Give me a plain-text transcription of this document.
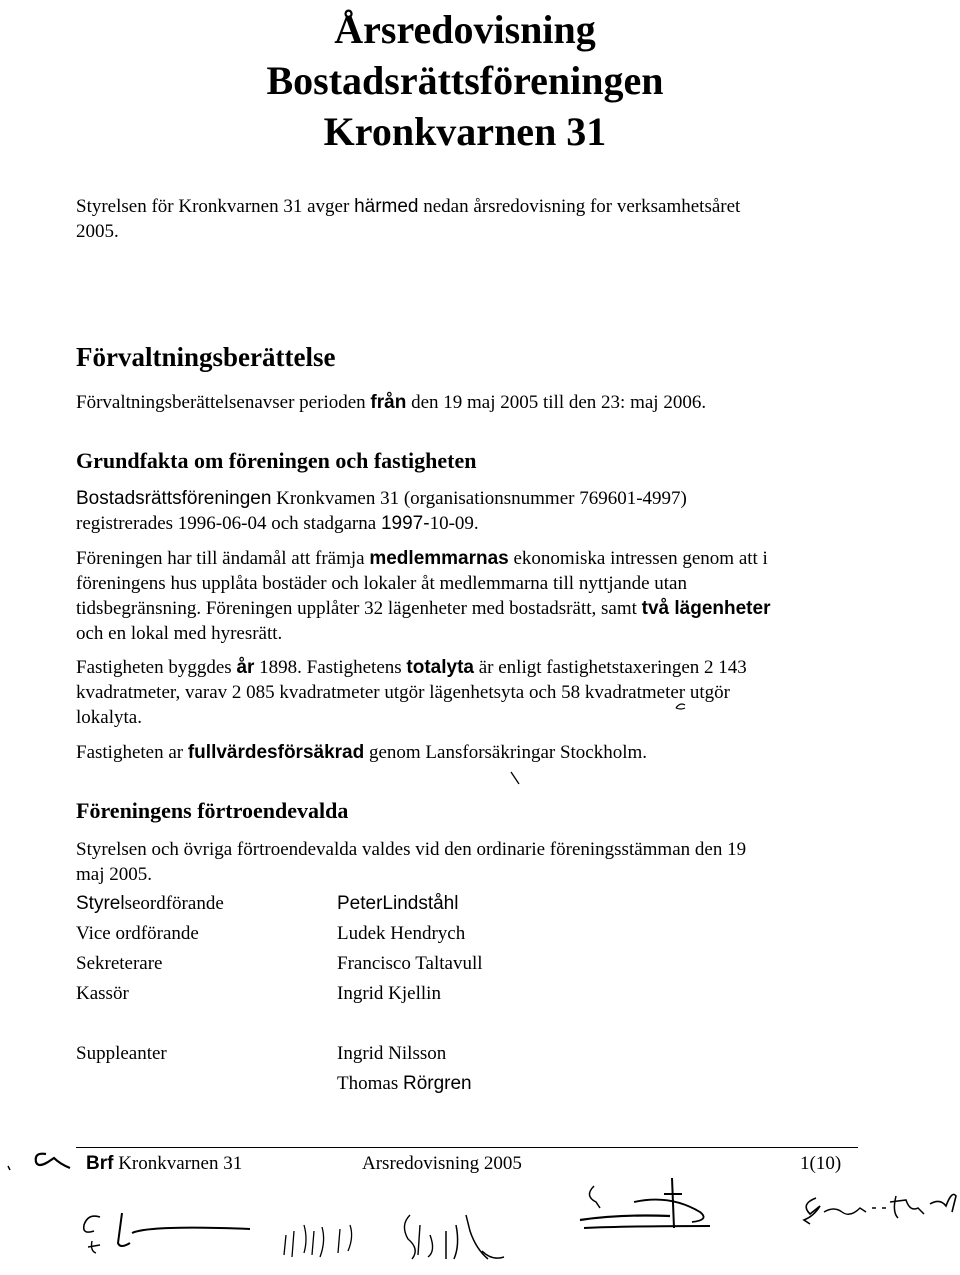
Årsredovisning
Bostadsrättsföreningen
Kronkvarnen 31
Styrelsen för Kronkvarnen 31 avger härmed nedan årsredovisning for verksamhetsåret
2005.
Förvaltningsberättelse
Förvaltningsberättelsenavser perioden från den 19 maj 2005 till den 23: maj 2006.
Grundfakta om föreningen och fastigheten
Bostadsrättsföreningen Kronkvamen 31 (organisationsnummer 769601-4997)
registrerades 1996-06-04 och stadgarna 1997-10-09.
Föreningen har till ändamål att främja medlemmarnas ekonomiska intressen genom att i
föreningens hus upplåta bostäder och lokaler åt medlemmarna till nyttjande utan
tidsbegränsning. Föreningen upplåter 32 lägenheter med bostadsrätt, samt två lägenheter
och en lokal med hyresrätt.
Fastigheten byggdes år 1898. Fastighetens totalyta är enligt fastighetstaxeringen 2 143
kvadratmeter, varav 2 085 kvadratmeter utgör lägenhetsyta och 58 kvadratmeter utgör
lokalyta.
Fastigheten ar fullvärdesförsäkrad genom Lansforsäkringar Stockholm.
Föreningens förtroendevalda
Styrelsen och övriga förtroendevalda valdes vid den ordinarie föreningsstämman den 19
maj 2005.
Styrelseordförande	PeterLindståhl
Vice ordförande	Ludek Hendrych
Sekreterare	Francisco Taltavull
Kassör	Ingrid Kjellin
Suppleanter	Ingrid Nilsson
Thomas Rörgren
Brf Kronkvarnen 31	Arsredovisning 2005	1(10)
